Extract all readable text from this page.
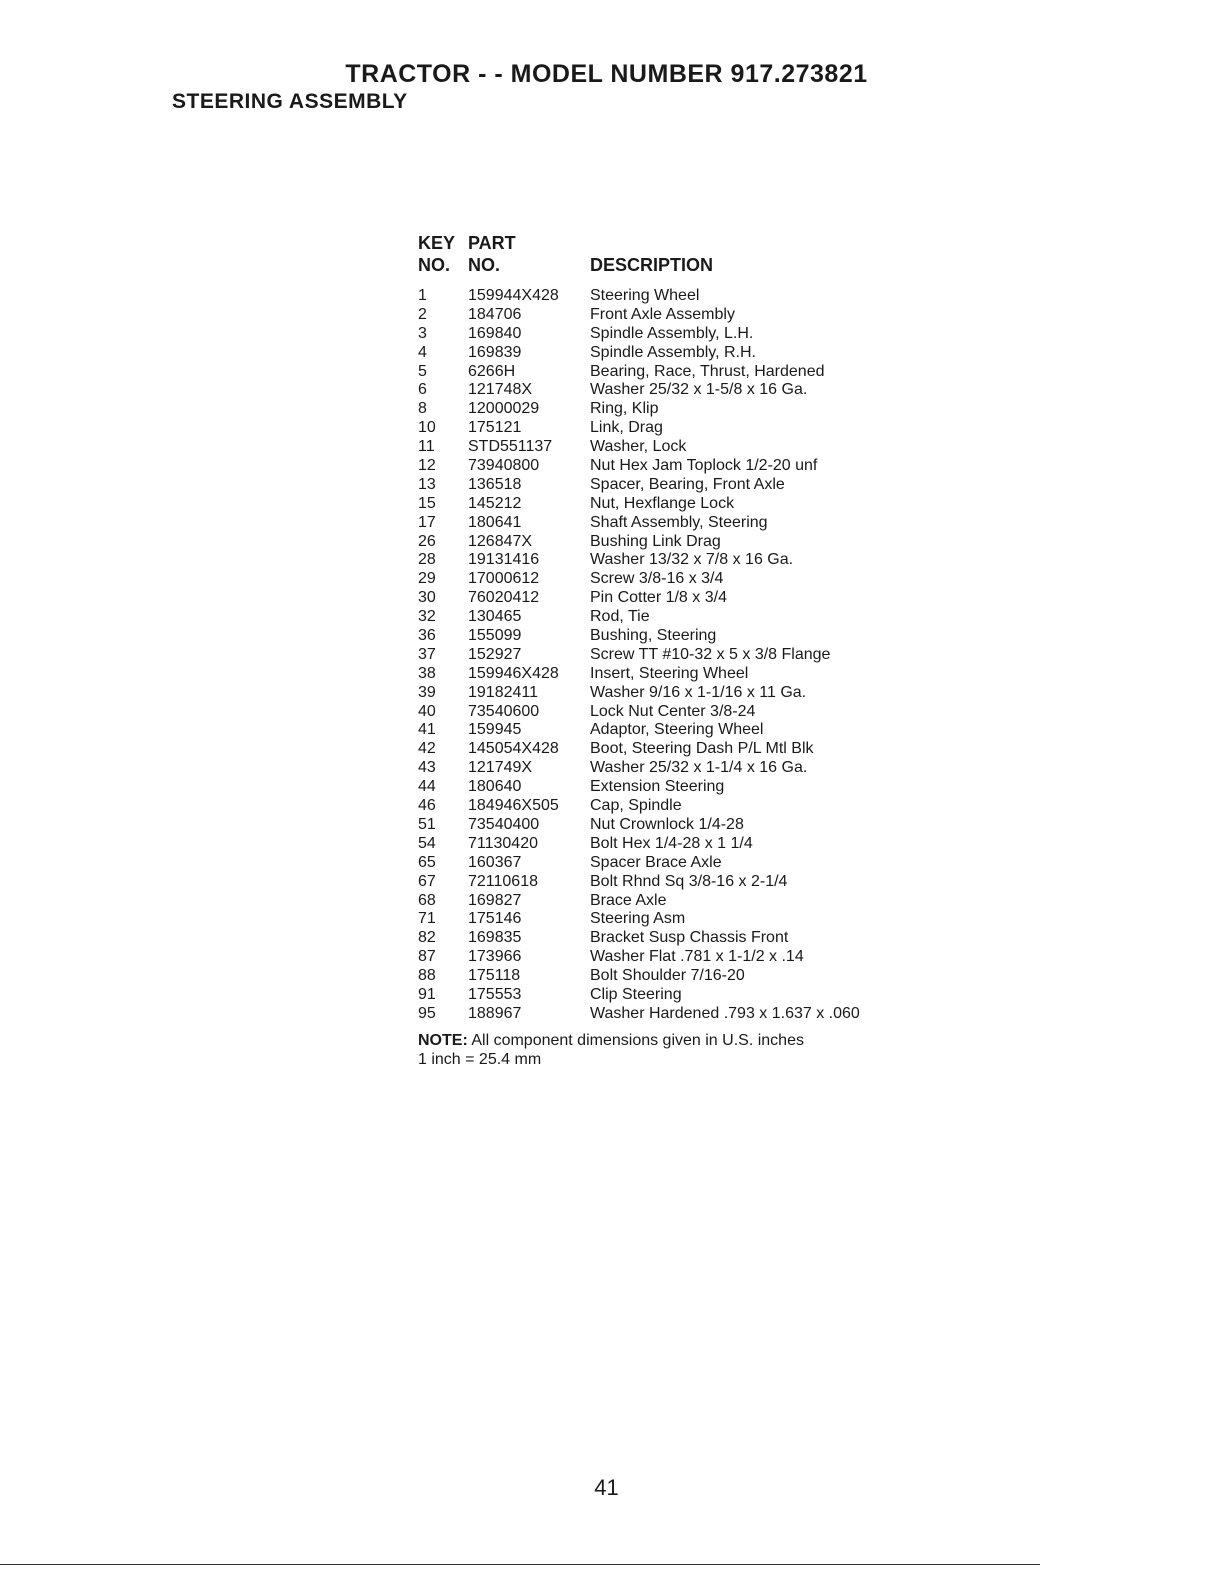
TRACTOR - - MODEL NUMBER 917.273821
STEERING ASSEMBLY
KEY PART
NO. NO.	DESCRIPTION
1	159944X428	Steering Wheel
2	184706	Front Axle Assembly
3	169840	Spindle Assembly, L.H.
4	169839	Spindle Assembly, R.H.
5	6266H	Bearing, Race, Thrust, Hardened
6	121748X	Washer 25/32 x 1-5/8 x 16 Ga.
8	12000029	Ring, Klip
10	175121	Link, Drag
11	STD551137	Washer, Lock
12	73940800	Nut Hex Jam Toplock 1/2-20 unf
13	136518	Spacer, Bearing, Front Axle
15	145212	Nut, Hexflange Lock
17	180641	Shaft Assembly, Steering
26	126847X	Bushing Link Drag
28	19131416	Washer 13/32 x 7/8 x 16 Ga.
29	17000612	Screw 3/8-16 x 3/4
30	76020412	Pin Cotter 1/8 x 3/4
32	130465	Rod, Tie
36	155099	Bushing, Steering
37	152927	Screw TT #10-32 x 5 x 3/8 Flange
38	159946X428	Insert, Steering Wheel
39	19182411	Washer 9/16 x 1-1/16 x 11 Ga.
40	73540600	Lock Nut Center 3/8-24
41	159945	Adaptor, Steering Wheel
42	145054X428	Boot, Steering Dash P/L Mtl Blk
43	121749X	Washer 25/32 x 1-1/4 x 16 Ga.
44	180640	Extension Steering
46	184946X505	Cap, Spindle
51	73540400	Nut Crownlock 1/4-28
54	71130420	Bolt Hex 1/4-28 x 1 1/4
65	160367	Spacer Brace Axle
67	72110618	Bolt Rhnd Sq 3/8-16 x 2-1/4
68	169827	Brace Axle
71	175146	Steering Asm
82	169835	Bracket Susp Chassis Front
87	173966	Washer Flat .781 x 1-1/2 x .14
88	175118	Bolt Shoulder 7/16-20
91	175553	Clip Steering
95	188967	Washer Hardened .793 x 1.637 x .060
NOTE: All component dimensions given in U.S. inches
1 inch = 25.4 mm
41
